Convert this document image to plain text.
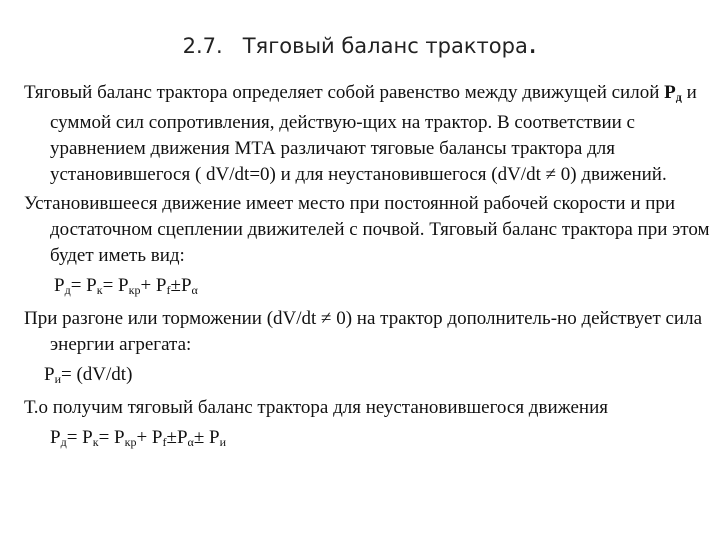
2.7. Тяговый баланс трактора.

Тяговый баланс трактора определяет собой равенство между движущей силой $Р_д$ и суммой сил сопротивления, действую-щих на трактор. В соответствии с уравнением движения МТА различают тяговые балансы трактора для установившегося ( dV/dt=0) и для неустановившегося (dV/dt ≠ 0) движений.

Установившееся движение имеет место при постоянной рабочей скорости и при достаточном сцеплении движителей с почвой. Тяговый баланс трактора при этом будет иметь вид:

$Р_д= Р_к= Р_{кр}+ Р_f\pm Р_\alpha$

При разгоне или торможении (dV/dt ≠ 0) на трактор дополнитель-но действует сила энергии агрегата:

$Р_и= (dV/dt)$

Т.о получим тяговый баланс трактора для неустановившегося движения

$Р_д= Р_к= Р_{кр}+ Р_f\pm Р_\alpha\pm Р_и$
